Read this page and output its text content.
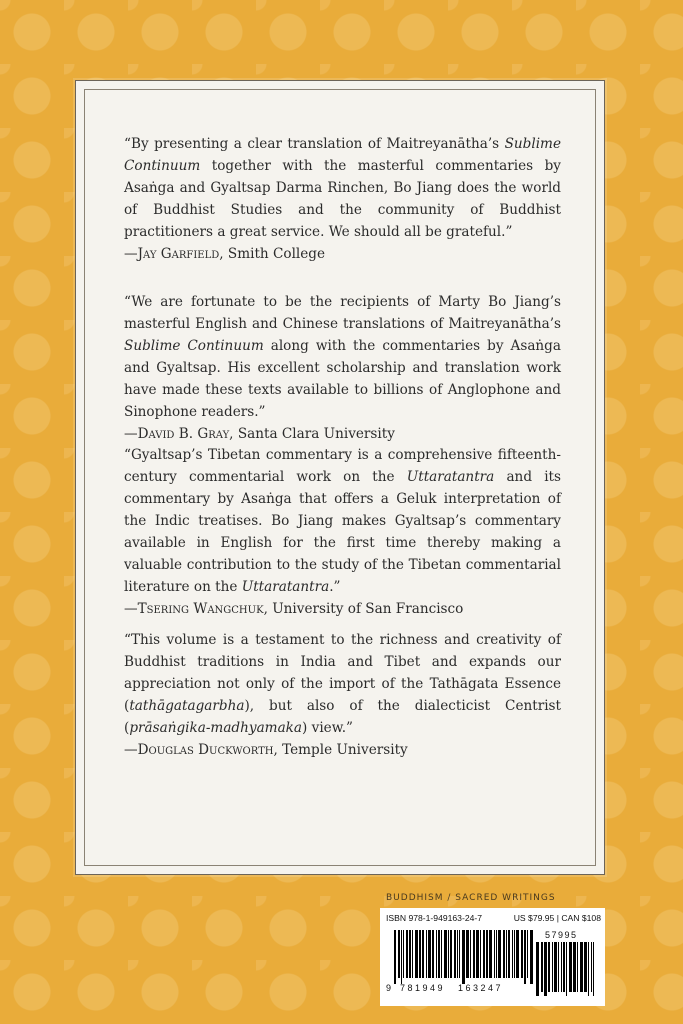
“By presenting a clear translation of Maitreyanātha’s Sublime Continuum together with the masterful commentaries by Asaṅga and Gyaltsap Darma Rinchen, Bo Jiang does the world of Buddhist Studies and the community of Buddhist practitioners a great service. We should all be grateful.”

—Jay Garfield, Smith College

“We are fortunate to be the recipients of Marty Bo Jiang’s masterful English and Chinese translations of Maitreyanātha’s Sublime Continuum along with the commentaries by Asaṅga and Gyaltsap. His excellent scholarship and translation work have made these texts available to billions of Anglophone and Sinophone readers.”

—David B. Gray, Santa Clara University

“Gyaltsap’s Tibetan commentary is a comprehensive fifteenth-century commentarial work on the Uttaratantra and its commentary by Asaṅga that offers a Geluk interpretation of the Indic treatises. Bo Jiang makes Gyaltsap’s commentary available in English for the first time thereby making a valuable contribution to the study of the Tibetan commentarial literature on the Uttaratantra.”

—Tsering Wangchuk, University of San Francisco

“This volume is a testament to the richness and creativity of Buddhist traditions in India and Tibet and expands our appreciation not only of the import of the Tathāgata Essence (tathāgatagarbha), but also of the dialecticist Centrist (prāsaṅgika-madhyamaka) view.”

—Douglas Duckworth, Temple University

BUDDHISM / SACRED WRITINGS
ISBN 978-1-949163-24-7	US $79.95 | CAN $108
9 781949 163247
57995
